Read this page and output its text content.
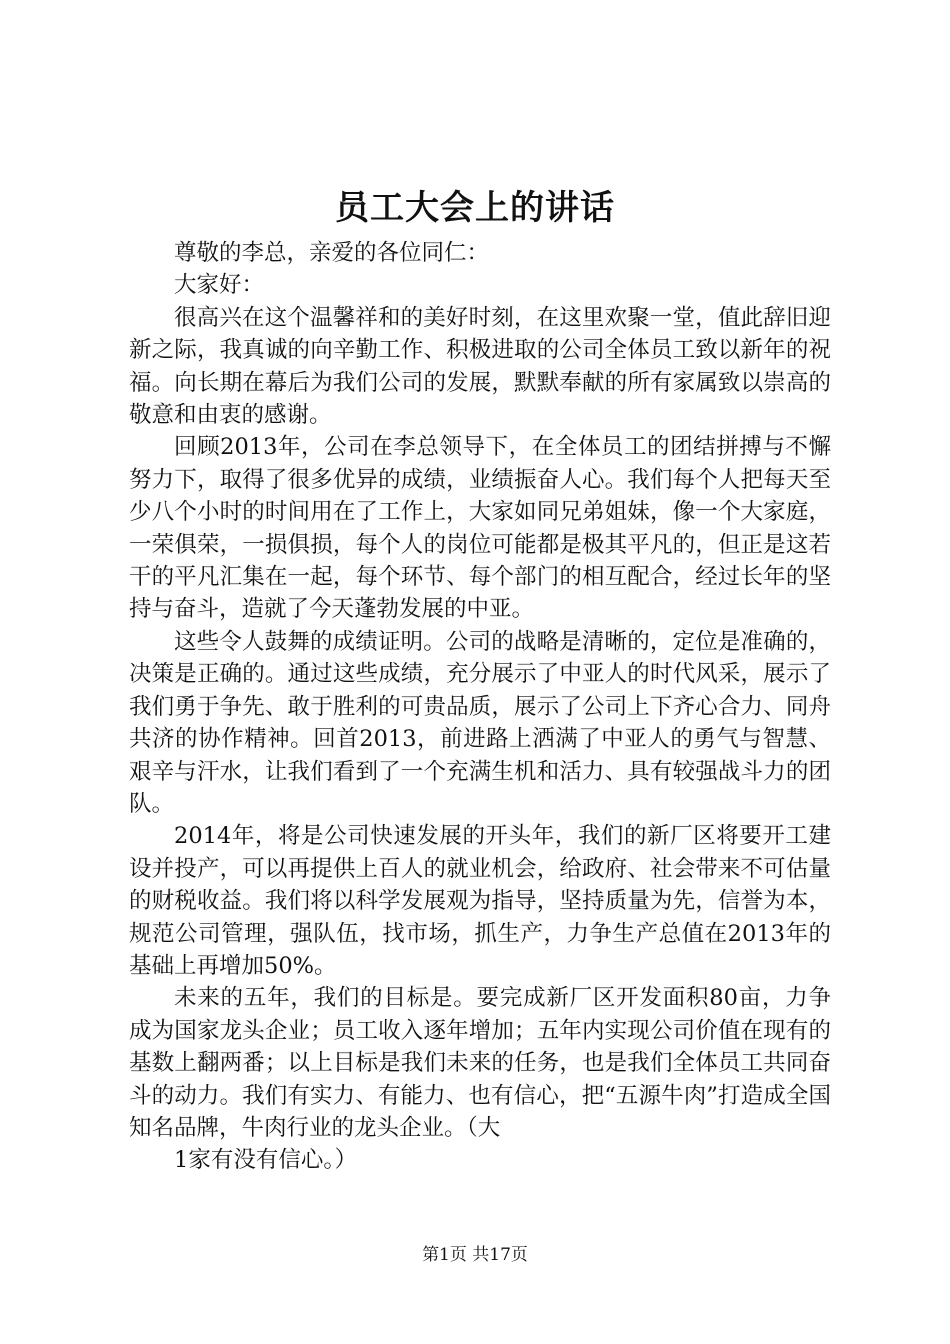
员工大会上的讲话

尊敬的李总，亲爱的各位同仁：

大家好：

很高兴在这个温馨祥和的美好时刻，在这里欢聚一堂，值此辞旧迎新之际，我真诚的向辛勤工作、积极进取的公司全体员工致以新年的祝福。向长期在幕后为我们公司的发展，默默奉献的所有家属致以崇高的敬意和由衷的感谢。

回顾2013年，公司在李总领导下，在全体员工的团结拼搏与不懈努力下，取得了很多优异的成绩，业绩振奋人心。我们每个人把每天至少八个小时的时间用在了工作上，大家如同兄弟姐妹，像一个大家庭，一荣俱荣，一损俱损，每个人的岗位可能都是极其平凡的，但正是这若干的平凡汇集在一起，每个环节、每个部门的相互配合，经过长年的坚持与奋斗，造就了今天蓬勃发展的中亚。

这些令人鼓舞的成绩证明。公司的战略是清晰的，定位是准确的，决策是正确的。通过这些成绩，充分展示了中亚人的时代风采，展示了我们勇于争先、敢于胜利的可贵品质，展示了公司上下齐心合力、同舟共济的协作精神。回首2013，前进路上洒满了中亚人的勇气与智慧、艰辛与汗水，让我们看到了一个充满生机和活力、具有较强战斗力的团队。

2014年，将是公司快速发展的开头年，我们的新厂区将要开工建设并投产，可以再提供上百人的就业机会，给政府、社会带来不可估量的财税收益。我们将以科学发展观为指导，坚持质量为先，信誉为本，规范公司管理，强队伍，找市场，抓生产，力争生产总值在2013年的基础上再增加50%。

未来的五年，我们的目标是。要完成新厂区开发面积80亩，力争成为国家龙头企业；员工收入逐年增加；五年内实现公司价值在现有的基数上翻两番；以上目标是我们未来的任务，也是我们全体员工共同奋斗的动力。我们有实力、有能力、也有信心，把“五源牛肉”打造成全国知名品牌，牛肉行业的龙头企业。（大

1家有没有信心。）

第1页 共17页
